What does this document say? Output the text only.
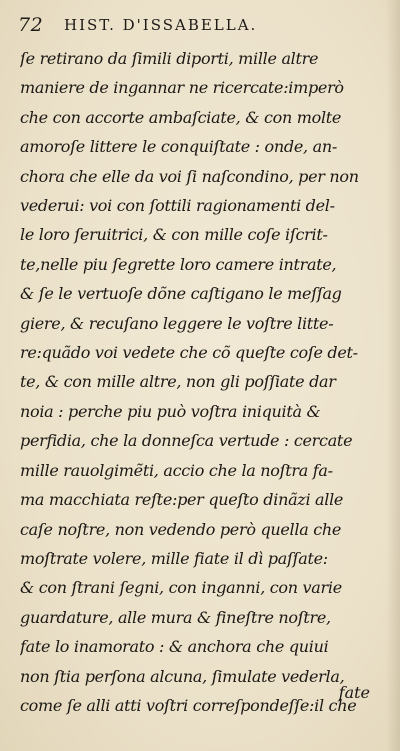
72 HIST. D'ISSABELLA.
ſe retirano da ſimili diporti, mille altre
maniere de ingannar ne ricercate:imperò
che con accorte ambaſciate, & con molte
amoroſe littere le conquiſtate : onde, an-
chora che elle da voi ſi naſcondino, per non
vederui: voi con ſottili ragionamenti del-
le loro ſeruitrici, & con mille coſe iſcrit-
te,nelle piu ſegrette loro camere intrate,
& ſe le vertuoſe dõne caſtigano le meſſag
giere, & recuſano leggere le voſtre litte-
re:quãdo voi vedete che cõ queſte coſe det-
te, & con mille altre, non gli poſſiate dar
noia : perche piu può voſtra iniquità &
perfidia, che la donneſca vertude : cercate
mille rauolgimẽti, accio che la noſtra fa-
ma macchiata reſte:per queſto dinãzi alle
caſe noſtre, non vedendo però quella che
moſtrate volere, mille fiate il dì paſſate:
& con ſtrani ſegni, con inganni, con varie
guardature, alle mura & fineſtre noſtre,
fate lo inamorato : & anchora che quiui
non ſtia perſona alcuna, ſimulate vederla,
come ſe alli atti voſtri correſpondeſſe:il che
fate
